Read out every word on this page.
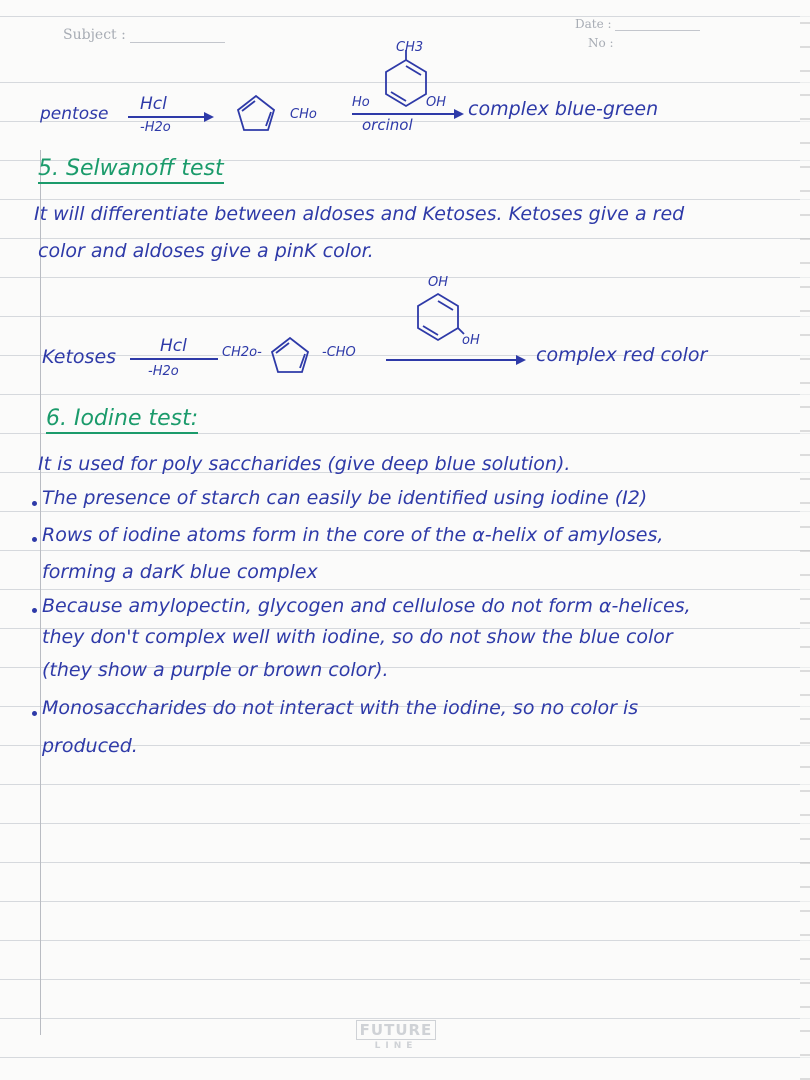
Subject :
Date :
No :
pentose Hcl
-H2o
CHo
CH3
Ho	OH
orcinol
complex blue-green
5. Selwanoff test
It will differentiate between aldoses and Ketoses. Ketoses give a red
color and aldoses give a pinK color.
Ketoses	Hcl
-H2o
CH2o-	-CHO
OH
oH
complex red color
6. Iodine test:
It is used for poly saccharides (give deep blue solution).
The presence of starch can easily be identified using iodine (I2)
Rows of iodine atoms form in the core of the α-helix of amyloses,
forming a darK blue complex
Because amylopectin, glycogen and cellulose do not form α-helices,
they don't complex well with iodine, so do not show the blue color
(they show a purple or brown color).
Monosaccharides do not interact with the iodine, so no color is
produced.
FUTURE
LINE
